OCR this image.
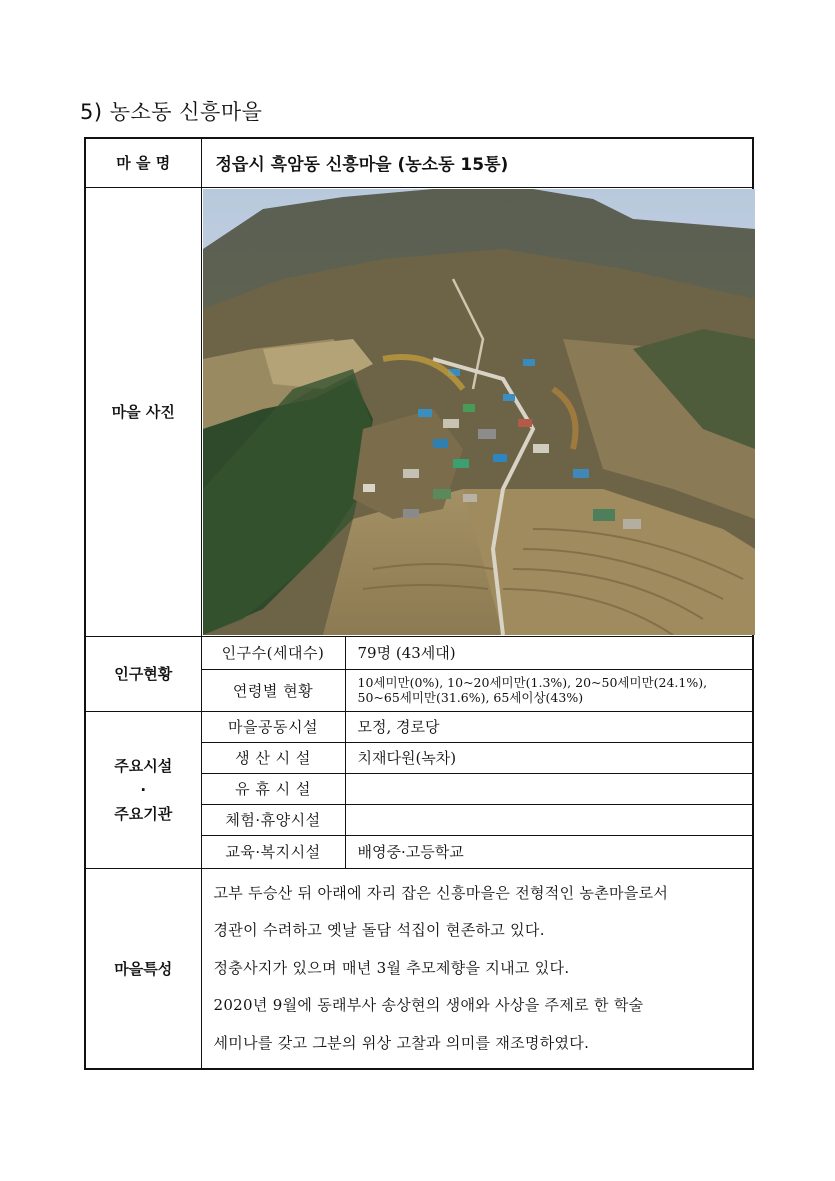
5) 농소동 신흥마을
마 을 명	정읍시 흑암동 신흥마을 (농소동 15통)	
마을 사진	

인구현황	인구수(세대수)	79명 (43세대)
	연령별 현황	10세미만(0%), 10~20세미만(1.3%), 20~50세미만(24.1%),
50~65세미만(31.6%), 65세이상(43%)

주요시설
·
주요기관	마을공동시설	모정, 경로당
	생 산 시 설	치재다원(녹차)
	유 휴 시 설	
	체험·휴양시설	
	교육·복지시설	배영중·고등학교
마을특성	고부 두승산 뒤 아래에 자리 잡은 신흥마을은 전형적인 농촌마을로서
경관이 수려하고 옛날 돌담 석집이 현존하고 있다.
정충사지가 있으며 매년 3월 추모제향을 지내고 있다.
2020년 9월에 동래부사 송상현의 생애와 사상을 주제로 한 학술
세미나를 갖고 그분의 위상 고찰과 의미를 재조명하였다.	
